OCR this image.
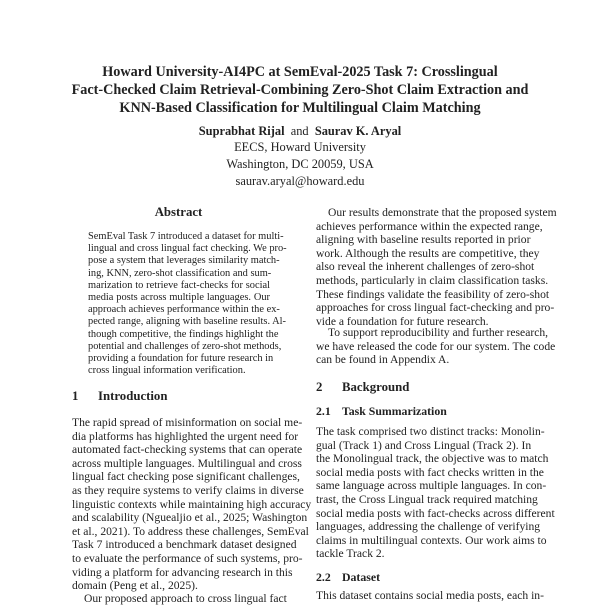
Howard University-AI4PC at SemEval-2025 Task 7: Crosslingual
Fact-Checked Claim Retrieval-Combining Zero-Shot Claim Extraction and
KNN-Based Classification for Multilingual Claim Matching
Suprabhat Rijal and Saurav K. Aryal
EECS, Howard University
Washington, DC 20059, USA
saurav.aryal@howard.edu
Abstract
SemEval Task 7 introduced a dataset for multi-
lingual and cross lingual fact checking. We pro-
pose a system that leverages similarity match-
ing, KNN, zero-shot classification and sum-
marization to retrieve fact-checks for social
media posts across multiple languages. Our
approach achieves performance within the ex-
pected range, aligning with baseline results. Al-
though competitive, the findings highlight the
potential and challenges of zero-shot methods,
providing a foundation for future research in
cross lingual information verification.
1 Introduction
The rapid spread of misinformation on social me-
dia platforms has highlighted the urgent need for
automated fact-checking systems that can operate
across multiple languages. Multilingual and cross
lingual fact checking pose significant challenges,
as they require systems to verify claims in diverse
linguistic contexts while maintaining high accuracy
and scalability (Nguealjio et al., 2025; Washington
et al., 2021). To address these challenges, SemEval
Task 7 introduced a benchmark dataset designed
to evaluate the performance of such systems, pro-
viding a platform for advancing research in this
domain (Peng et al., 2025).
Our proposed approach to cross lingual fact
Our results demonstrate that the proposed system
achieves performance within the expected range,
aligning with baseline results reported in prior
work. Although the results are competitive, they
also reveal the inherent challenges of zero-shot
methods, particularly in claim classification tasks.
These findings validate the feasibility of zero-shot
approaches for cross lingual fact-checking and pro-
vide a foundation for future research.
To support reproducibility and further research,
we have released the code for our system. The code
can be found in Appendix A.
2 Background
2.1 Task Summarization
The task comprised two distinct tracks: Monolin-
gual (Track 1) and Cross Lingual (Track 2). In
the Monolingual track, the objective was to match
social media posts with fact checks written in the
same language across multiple languages. In con-
trast, the Cross Lingual track required matching
social media posts with fact-checks across different
languages, addressing the challenge of verifying
claims in multilingual contexts. Our work aims to
tackle Track 2.
2.2 Dataset
This dataset contains social media posts, each in-
